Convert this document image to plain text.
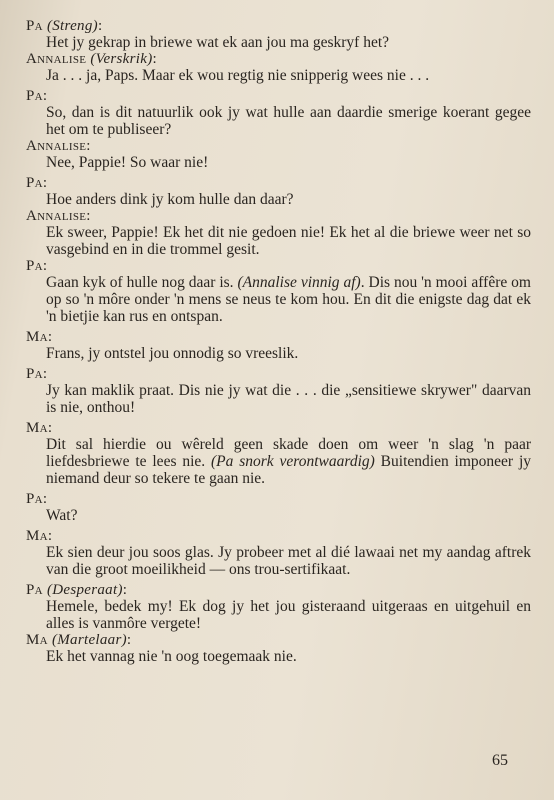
Pa (Streng):
Het jy gekrap in briewe wat ek aan jou ma geskryf het?
Annalise (Verskrik):
Ja . . . ja, Paps. Maar ek wou regtig nie snipperig wees nie . . .
Pa:
So, dan is dit natuurlik ook jy wat hulle aan daardie smerige koerant gegee het om te publiseer?
Annalise:
Nee, Pappie! So waar nie!
Pa:
Hoe anders dink jy kom hulle dan daar?
Annalise:
Ek sweer, Pappie! Ek het dit nie gedoen nie! Ek het al die briewe weer net so vasgebind en in die trommel gesit.
Pa:
Gaan kyk of hulle nog daar is. (Annalise vinnig af). Dis nou 'n mooi affêre om op so 'n môre onder 'n mens se neus te kom hou. En dit die enigste dag dat ek 'n bietjie kan rus en ontspan.
Ma:
Frans, jy ontstel jou onnodig so vreeslik.
Pa:
Jy kan maklik praat. Dis nie jy wat die . . . die „sensitiewe skrywer" daarvan is nie, onthou!
Ma:
Dit sal hierdie ou wêreld geen skade doen om weer 'n slag 'n paar liefdesbriewe te lees nie. (Pa snork verontwaardig) Buitendien imponeer jy niemand deur so tekere te gaan nie.
Pa:
Wat?
Ma:
Ek sien deur jou soos glas. Jy probeer met al dié lawaai net my aandag aftrek van die groot moeilikheid — ons trou-sertifikaat.
Pa (Desperaat):
Hemele, bedek my! Ek dog jy het jou gisteraand uitgeraas en uitgehuil en alles is vanmôre vergete!
Ma (Martelaar):
Ek het vannag nie 'n oog toegemaak nie.
65
